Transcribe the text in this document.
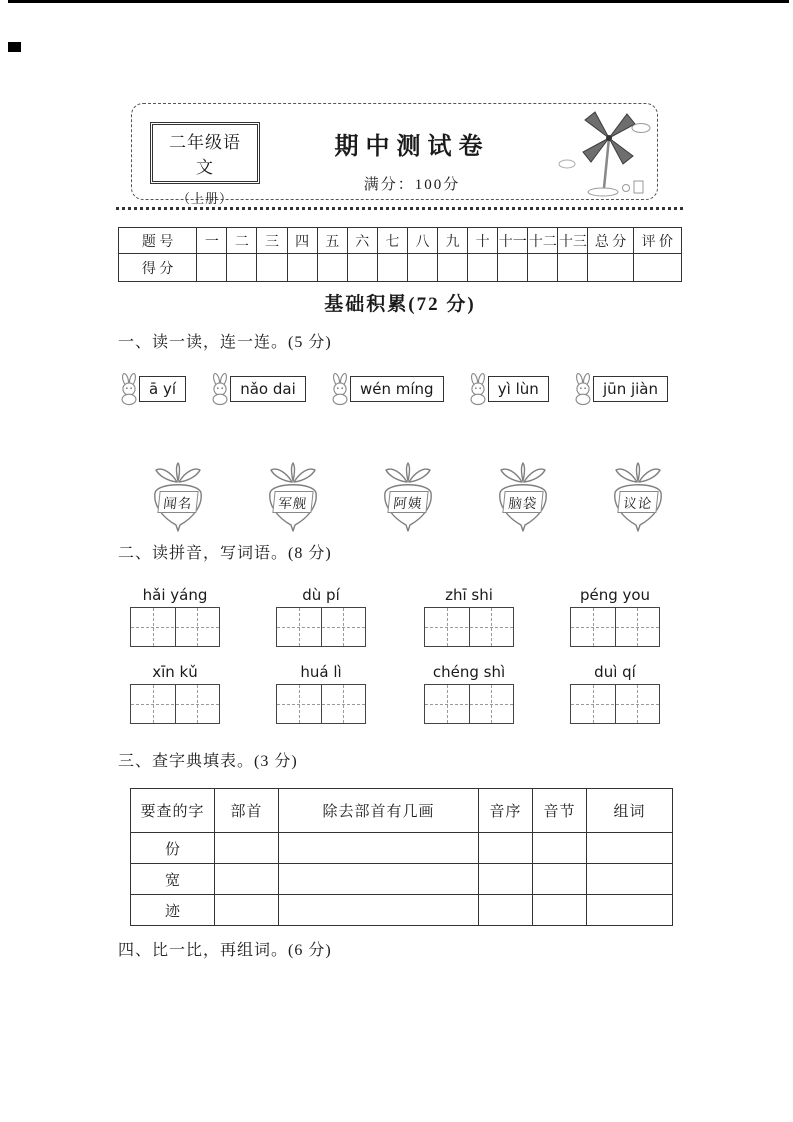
二年级语文
（上册）
期中测试卷
满分：100分
题 号	一	二	三	四	五	六	七	八	九	十	十一	十二	十三	总 分	评 价
得 分															
基础积累(72 分)
一、读一读，连一连。(5 分)
ā yí	nǎo dai	wén míng	yì lùn	jūn jiàn
闻名	军舰	阿姨	脑袋	议论
二、读拼音，写词语。(8 分)
hǎi yáng	dù pí	zhī shi	péng you
xīn kǔ	huá lì	chéng shì	duì qí
三、查字典填表。(3 分)
要查的字	部首	除去部首有几画	音序	音节	组词
份					
宽					
迹					
四、比一比，再组词。(6 分)
